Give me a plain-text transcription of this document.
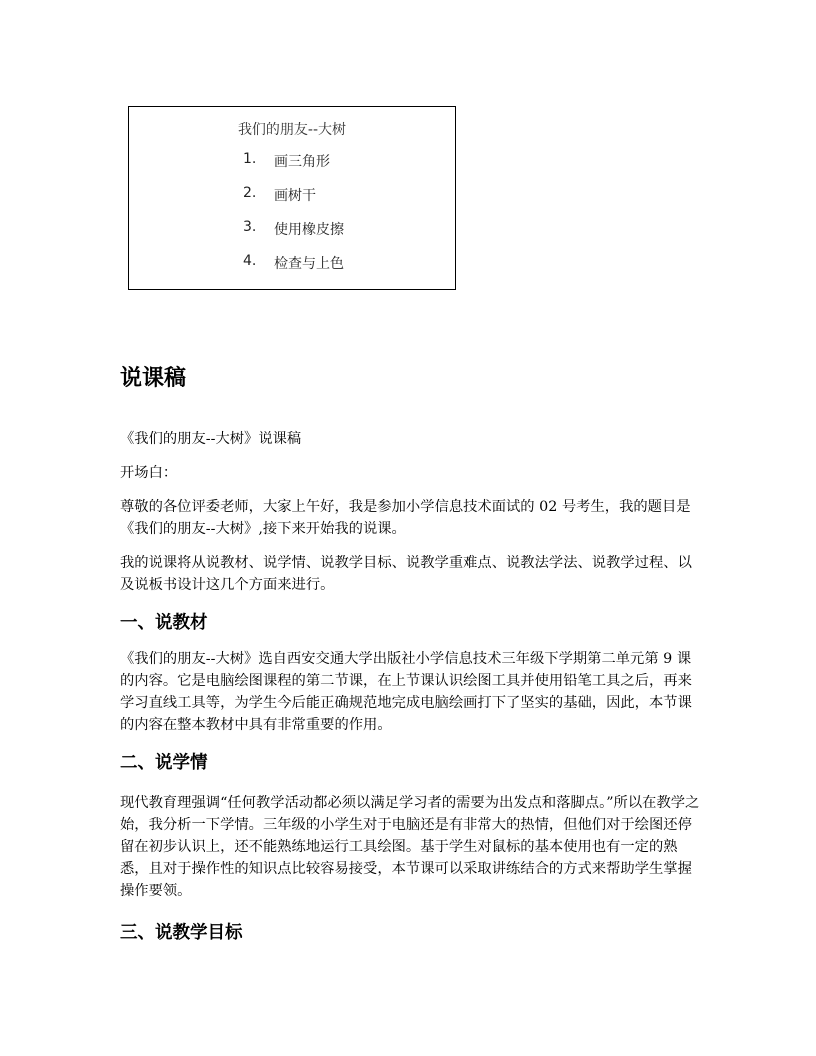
我们的朋友--大树
1.	画三角形
2.	画树干
3.	使用橡皮擦
4.	检查与上色
说课稿

《我们的朋友--大树》说课稿

开场白：

尊敬的各位评委老师，大家上午好，我是参加小学信息技术面试的 02 号考生，我的题目是《我们的朋友--大树》,接下来开始我的说课。

我的说课将从说教材、说学情、说教学目标、说教学重难点、说教法学法、说教学过程、以及说板书设计这几个方面来进行。

一、说教材

《我们的朋友--大树》选自西安交通大学出版社小学信息技术三年级下学期第二单元第 9 课的内容。它是电脑绘图课程的第二节课，在上节课认识绘图工具并使用铅笔工具之后，再来学习直线工具等，为学生今后能正确规范地完成电脑绘画打下了坚实的基础，因此，本节课的内容在整本教材中具有非常重要的作用。

二、说学情

现代教育理强调“任何教学活动都必须以满足学习者的需要为出发点和落脚点。”所以在教学之始，我分析一下学情。三年级的小学生对于电脑还是有非常大的热情，但他们对于绘图还停留在初步认识上，还不能熟练地运行工具绘图。基于学生对鼠标的基本使用也有一定的熟悉，且对于操作性的知识点比较容易接受，本节课可以采取讲练结合的方式来帮助学生掌握操作要领。

三、说教学目标
